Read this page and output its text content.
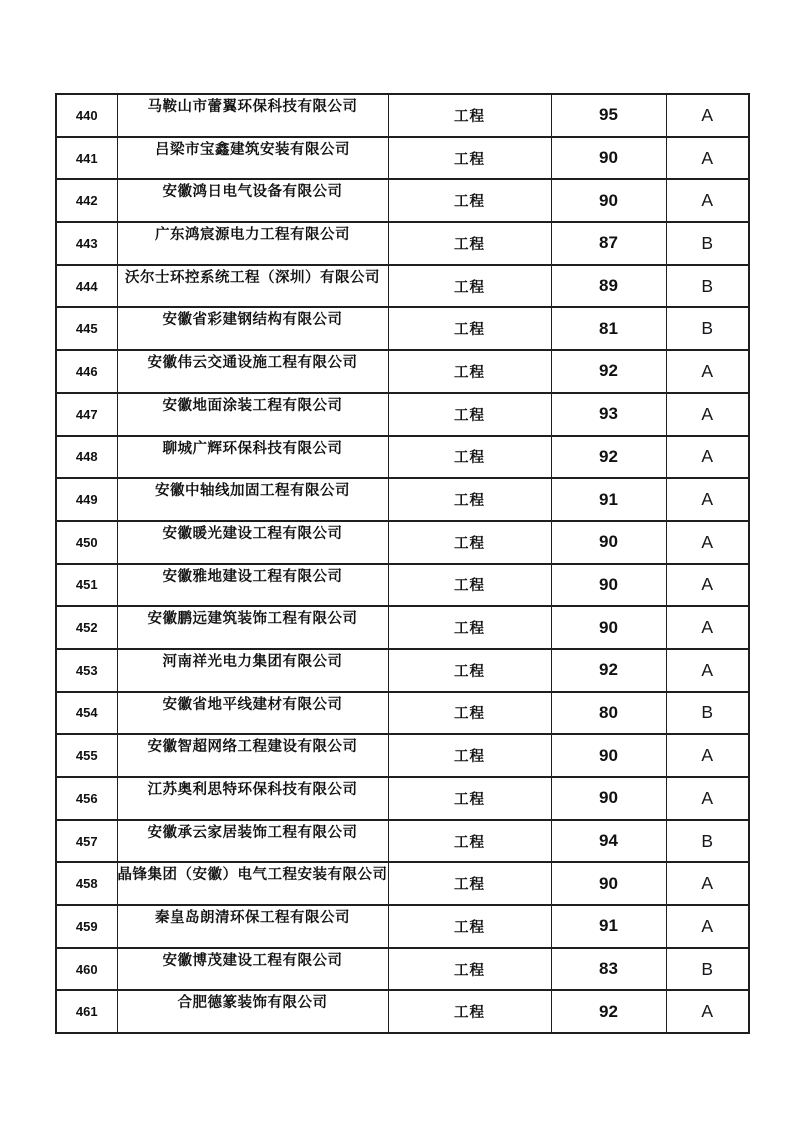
440	马鞍山市蕾翼环保科技有限公司	工程	95	A
441	吕梁市宝鑫建筑安装有限公司	工程	90	A
442	安徽鸿日电气设备有限公司	工程	90	A
443	广东鸿宸源电力工程有限公司	工程	87	B
444	沃尔士环控系统工程（深圳）有限公司	工程	89	B
445	安徽省彩建钢结构有限公司	工程	81	B
446	安徽伟云交通设施工程有限公司	工程	92	A
447	安徽地面涂装工程有限公司	工程	93	A
448	聊城广辉环保科技有限公司	工程	92	A
449	安徽中轴线加固工程有限公司	工程	91	A
450	安徽暖光建设工程有限公司	工程	90	A
451	安徽雅地建设工程有限公司	工程	90	A
452	安徽鹏远建筑装饰工程有限公司	工程	90	A
453	河南祥光电力集团有限公司	工程	92	A
454	安徽省地平线建材有限公司	工程	80	B
455	安徽智超网络工程建设有限公司	工程	90	A
456	江苏奥利思特环保科技有限公司	工程	90	A
457	安徽承云家居装饰工程有限公司	工程	94	B
458	晶锋集团（安徽）电气工程安装有限公司	工程	90	A
459	秦皇岛朗清环保工程有限公司	工程	91	A
460	安徽博茂建设工程有限公司	工程	83	B
461	合肥德篆装饰有限公司	工程	92	A
